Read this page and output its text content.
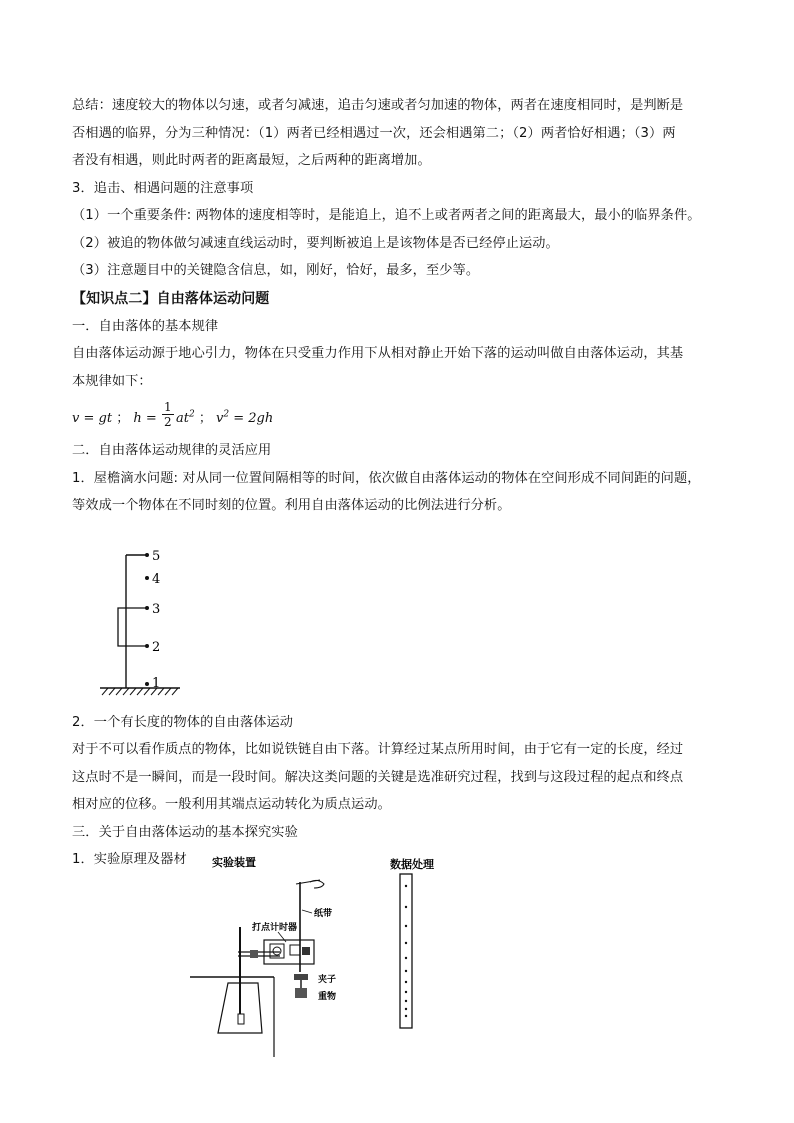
总结：速度较大的物体以匀速，或者匀减速，追击匀速或者匀加速的物体，两者在速度相同时，是判断是

否相遇的临界，分为三种情况：（1）两者已经相遇过一次，还会相遇第二；（2）两者恰好相遇；（3）两

者没有相遇，则此时两者的距离最短，之后两种的距离增加。

3．追击、相遇问题的注意事项

（1）一个重要条件: 两物体的速度相等时，是能追上，追不上或者两者之间的距离最大，最小的临界条件。

（2）被追的物体做匀减速直线运动时，要判断被追上是该物体是否已经停止运动。

（3）注意题目中的关键隐含信息，如，刚好，恰好，最多，至少等。

【知识点二】自由落体运动问题

一．自由落体的基本规律

自由落体运动源于地心引力，物体在只受重力作用下从相对静止开始下落的运动叫做自由落体运动，其基

本规律如下：

v = gt ； $h = \frac{1}{2} at^2$ ； $v^2 = 2gh$

二．自由落体运动规律的灵活应用

1．屋檐滴水问题: 对从同一位置间隔相等的时间，依次做自由落体运动的物体在空间形成不同间距的问题，

等效成一个物体在不同时刻的位置。利用自由落体运动的比例法进行分析。

2．一个有长度的物体的自由落体运动

对于不可以看作质点的物体，比如说铁链自由下落。计算经过某点所用时间，由于它有一定的长度，经过

这点时不是一瞬间，而是一段时间。解决这类问题的关键是选准研究过程，找到与这段过程的起点和终点

相对应的位移。一般利用其端点运动转化为质点运动。

三．关于自由落体运动的基本探究实验

1．实验原理及器材

5
4
3
2
1
实验装置	数据处理
打点计时器
纸带
夹子
重物
